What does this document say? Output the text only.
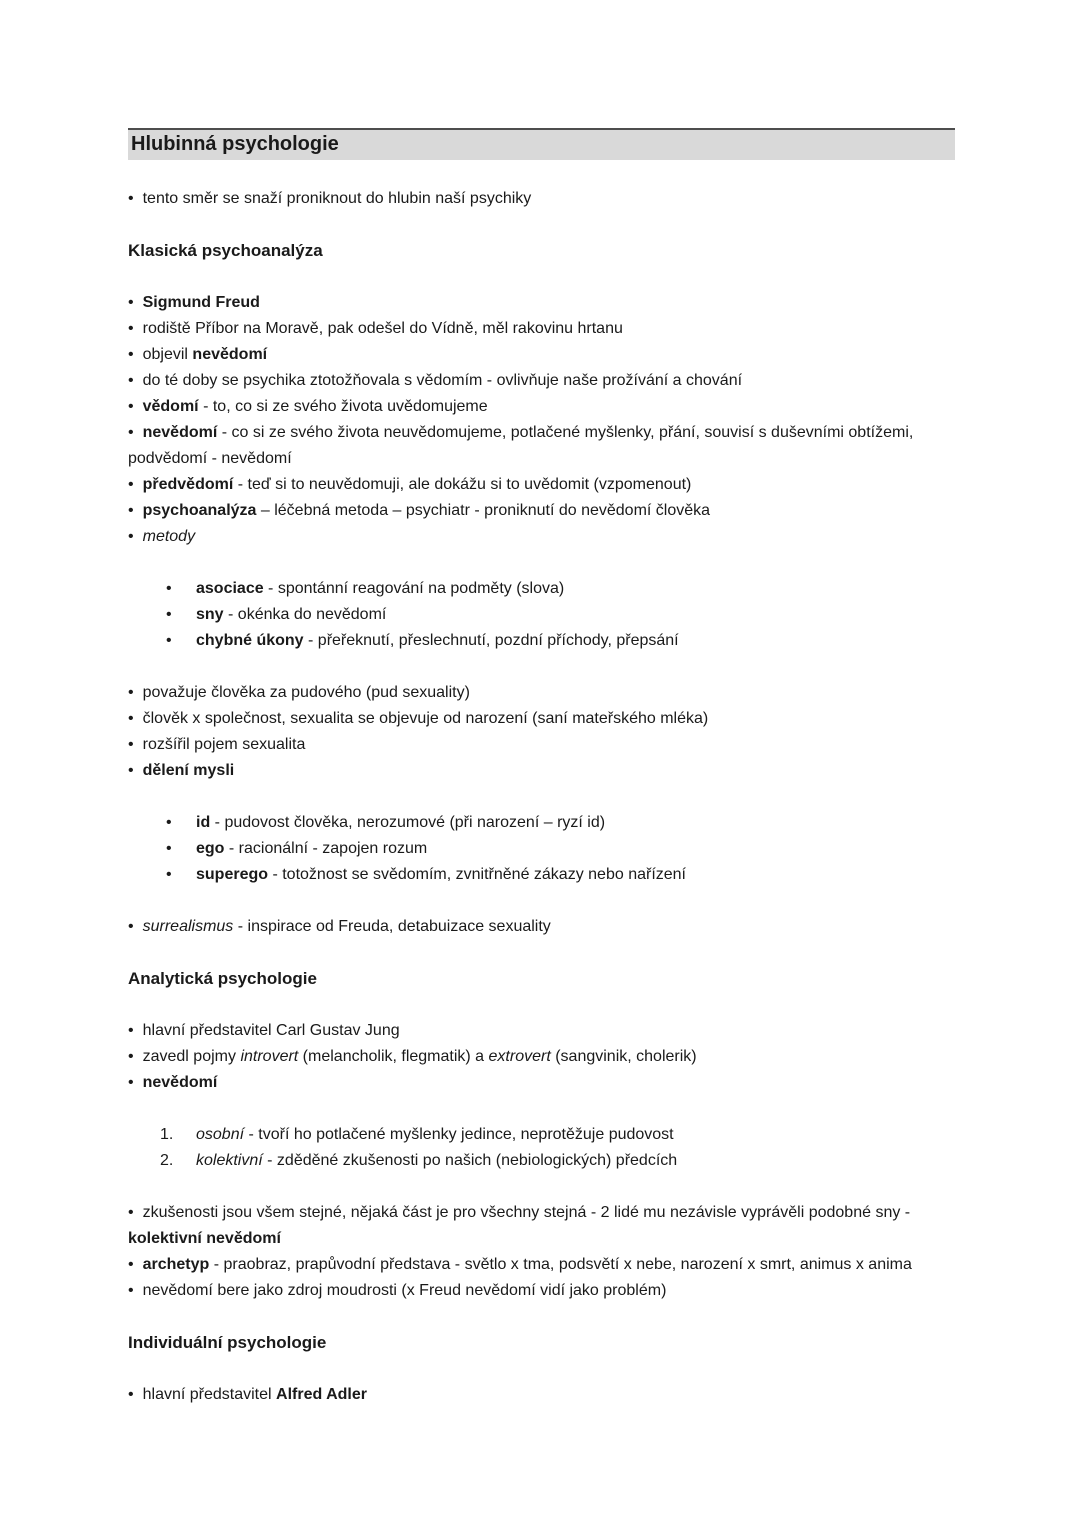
Hlubinná psychologie
• tento směr se snaží proniknout do hlubin naší psychiky
Klasická psychoanalýza
• Sigmund Freud
• rodiště Příbor na Moravě, pak odešel do Vídně, měl rakovinu hrtanu
• objevil nevědomí
• do té doby se psychika ztotožňovala s vědomím - ovlivňuje naše prožívání a chování
• vědomí - to, co si ze svého života uvědomujeme
• nevědomí - co si ze svého života neuvědomujeme, potlačené myšlenky, přání, souvisí s duševními obtížemi, podvědomí - nevědomí
• předvědomí - teď si to neuvědomuji, ale dokážu si to uvědomit (vzpomenout)
• psychoanalýza – léčebná metoda – psychiatr - proniknutí do nevědomí člověka
• metody
•	asociace - spontánní reagování na podměty (slova)
•	sny - okénka do nevědomí
•	chybné úkony - přeřeknutí, přeslechnutí, pozdní příchody, přepsání
• považuje člověka za pudového (pud sexuality)
• člověk x společnost, sexualita se objevuje od narození (saní mateřského mléka)
• rozšířil pojem sexualita
• dělení mysli
•	id - pudovost člověka, nerozumové (při narození – ryzí id)
•	ego - racionální - zapojen rozum
•	superego - totožnost se svědomím, zvnitřněné zákazy nebo nařízení
• surrealismus - inspirace od Freuda, detabuizace sexuality
Analytická psychologie
• hlavní představitel Carl Gustav Jung
• zavedl pojmy introvert (melancholik, flegmatik) a extrovert (sangvinik, cholerik)
• nevědomí
1.	osobní - tvoří ho potlačené myšlenky jedince, neprotěžuje pudovost
2.	kolektivní - zděděné zkušenosti po našich (nebiologických) předcích
• zkušenosti jsou všem stejné, nějaká část je pro všechny stejná - 2 lidé mu nezávisle vyprávěli podobné sny - kolektivní nevědomí
• archetyp - praobraz, prapůvodní představa - světlo x tma, podsvětí x nebe, narození x smrt, animus x anima
• nevědomí bere jako zdroj moudrosti (x Freud nevědomí vidí jako problém)
Individuální psychologie
• hlavní představitel Alfred Adler
